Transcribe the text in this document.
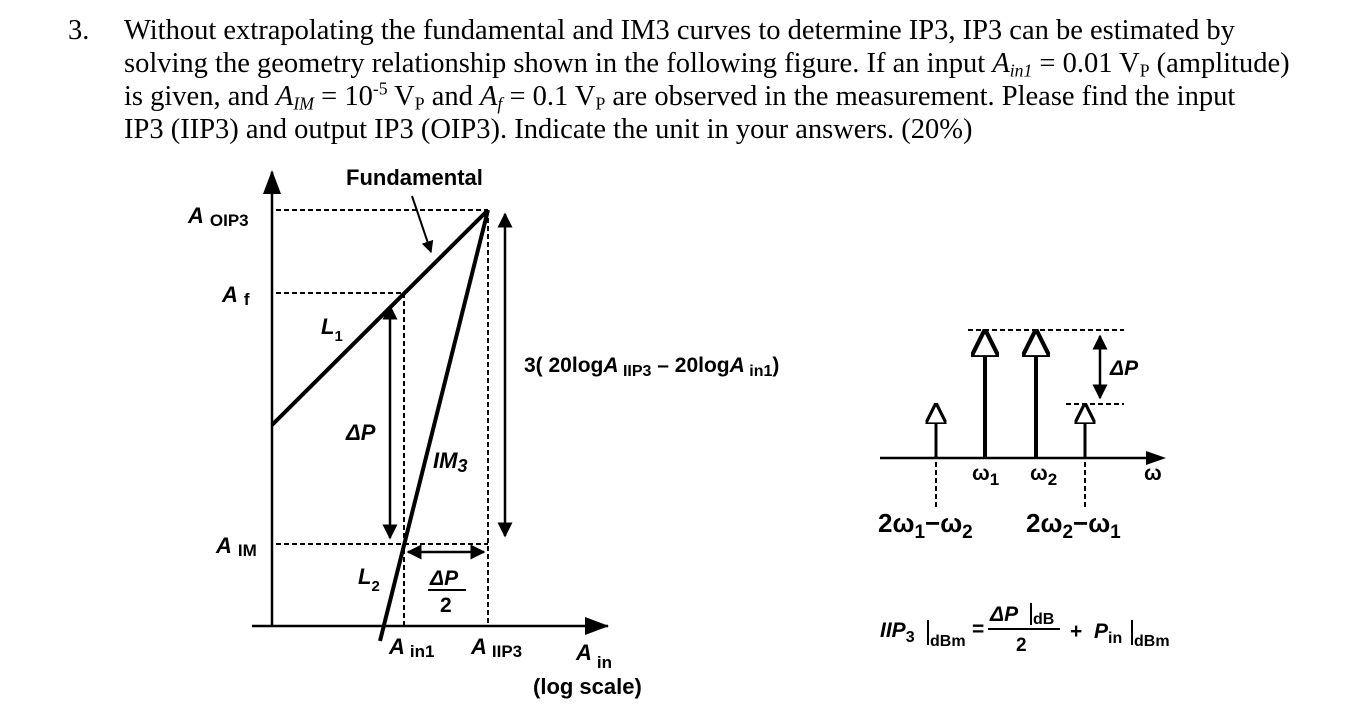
3. Without extrapolating the fundamental and IM3 curves to determine IP3, IP3 can be estimated by
solving the geometry relationship shown in the following figure. If an input $A_{in1} = 0.01$ $V_P$ (amplitude)
is given, and $A_{IM} = 10^{-5}$ $V_P$ and $A_f = 0.1$ $V_P$ are observed in the measurement. Please find the input
IP3 (IIP3) and output IP3 (OIP3). Indicate the unit in your answers. (20%)
Fundamental
A OIP3
A f
A IM
$L_1$
$L_2$
ΔP
IM3
ΔP
2
3( 20logA IIP3 – 20logA in1)
A in1 A IIP3 A $_{in}$
(log scale)
ΔP
ω
$\omega_1$ $\omega_2$
$2\omega_1-\omega_2$ $2\omega_2-\omega_1$
$IIP_3$ dBm
=
ΔP dB
2
+ $P_{in}$ dBm
